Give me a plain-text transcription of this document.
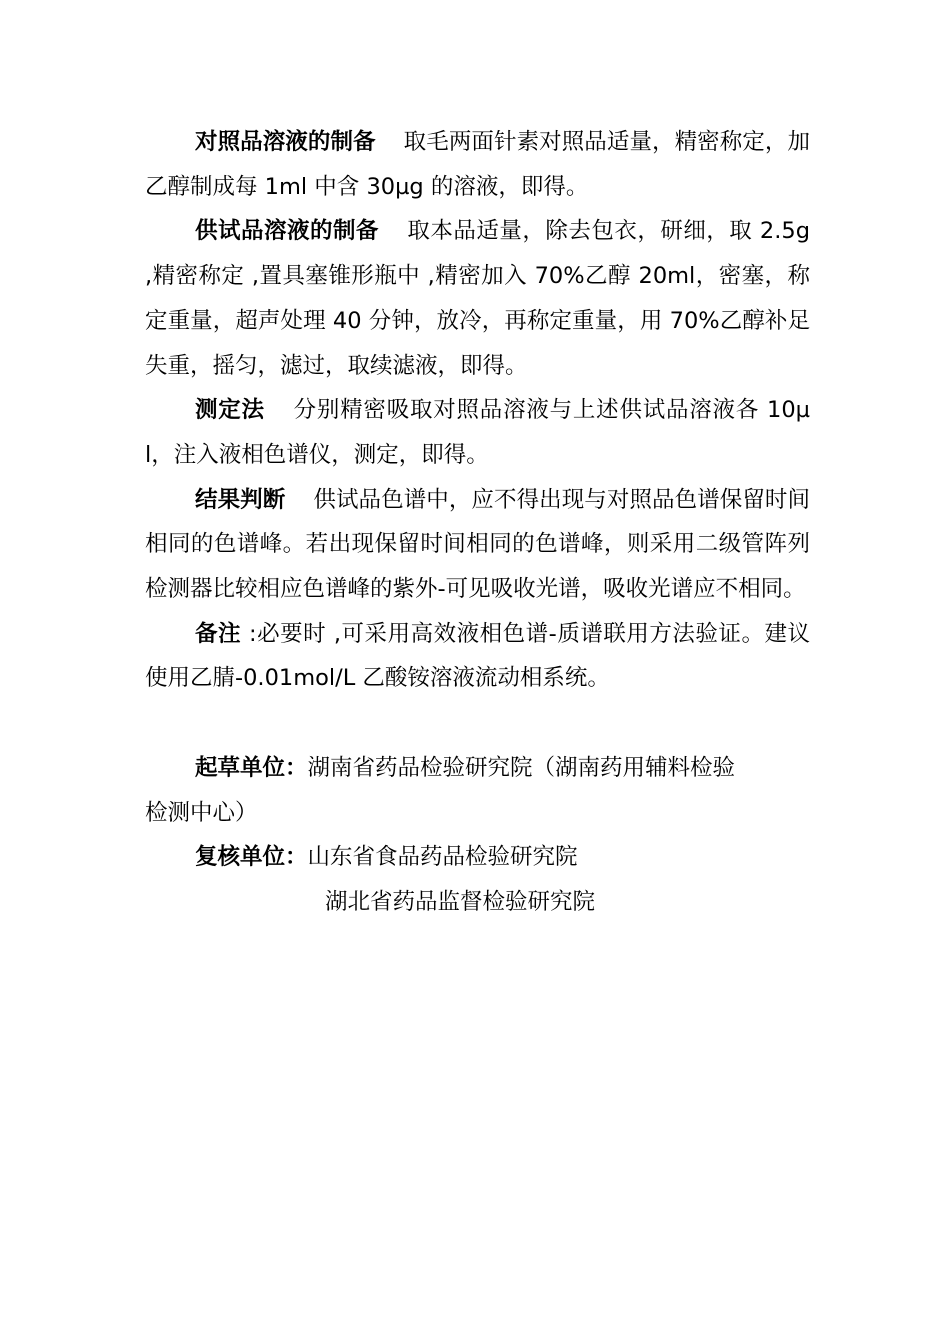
对照品溶液的制备 取毛两面针素对照品适量，精密称定，加乙醇制成每 1ml 中含 30µg 的溶液，即得。

供试品溶液的制备 取本品适量，除去包衣，研细，取 2.5g ,精密称定 ,置具塞锥形瓶中 ,精密加入 70%乙醇 20ml，密塞，称定重量，超声处理 40 分钟，放冷，再称定重量，用 70%乙醇补足失重，摇匀，滤过，取续滤液，即得。

测定法 分别精密吸取对照品溶液与上述供试品溶液各 10µl，注入液相色谱仪，测定，即得。

结果判断 供试品色谱中，应不得出现与对照品色谱保留时间相同的色谱峰。若出现保留时间相同的色谱峰，则采用二级管阵列检测器比较相应色谱峰的紫外-可见吸收光谱，吸收光谱应不相同。

备注 :必要时 ,可采用高效液相色谱-质谱联用方法验证。建议使用乙腈-0.01mol/L 乙酸铵溶液流动相系统。

起草单位：湖南省药品检验研究院（湖南药用辅料检验

检测中心）

复核单位：山东省食品药品检验研究院

湖北省药品监督检验研究院
